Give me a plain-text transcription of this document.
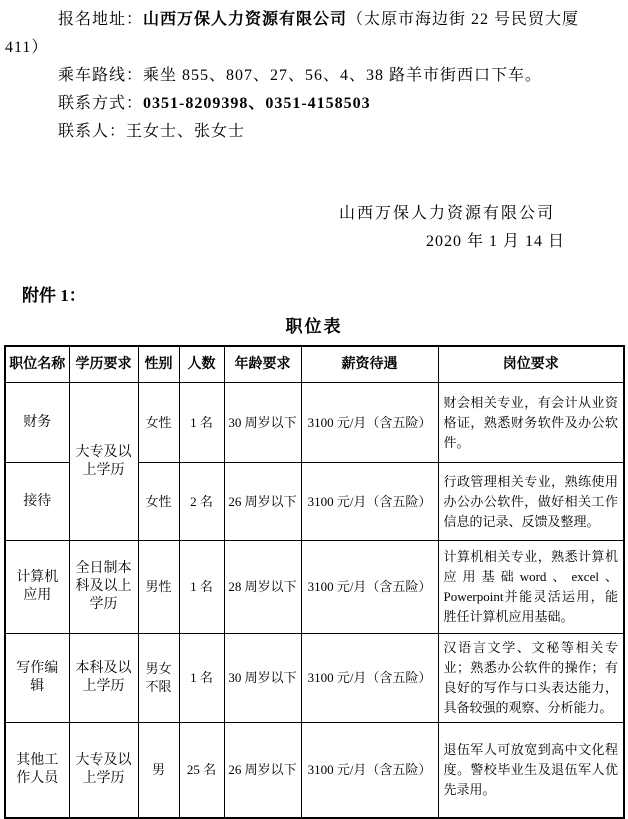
报名地址：山西万保人力资源有限公司（太原市海边街 22 号民贸大厦
411）
乘车路线：乘坐 855、807、27、56、4、38 路羊市街西口下车。
联系方式：0351-8209398、0351-4158503
联系人：王女士、张女士
山西万保人力资源有限公司
2020 年 1 月 14 日
附件 1：
职位表
职位名称	学历要求	性别	人数	年龄要求	薪资待遇	岗位要求
财务	大专及以上学历	女性	1 名	30 周岁以下	3100 元/月（含五险）	财会相关专业，有会计从业资格证，熟悉财务软件及办公软件。
接待		女性	2 名	26 周岁以下	3100 元/月（含五险）	行政管理相关专业，熟练使用办公办公软件，做好相关工作信息的记录、反馈及整理。
计算机应用	全日制本科及以上学历	男性	1 名	28 周岁以下	3100 元/月（含五险）	计算机相关专业，熟悉计算机应用基础word、excel、Powerpoint并能灵活运用，能胜任计算机应用基础。
写作编辑	本科及以上学历	男女不限	1 名	30 周岁以下	3100 元/月（含五险）	汉语言文学、文秘等相关专业；熟悉办公软件的操作；有良好的写作与口头表达能力，具备较强的观察、分析能力。
其他工作人员	大专及以上学历	男	25 名	26 周岁以下	3100 元/月（含五险）	退伍军人可放宽到高中文化程度。警校毕业生及退伍军人优先录用。
